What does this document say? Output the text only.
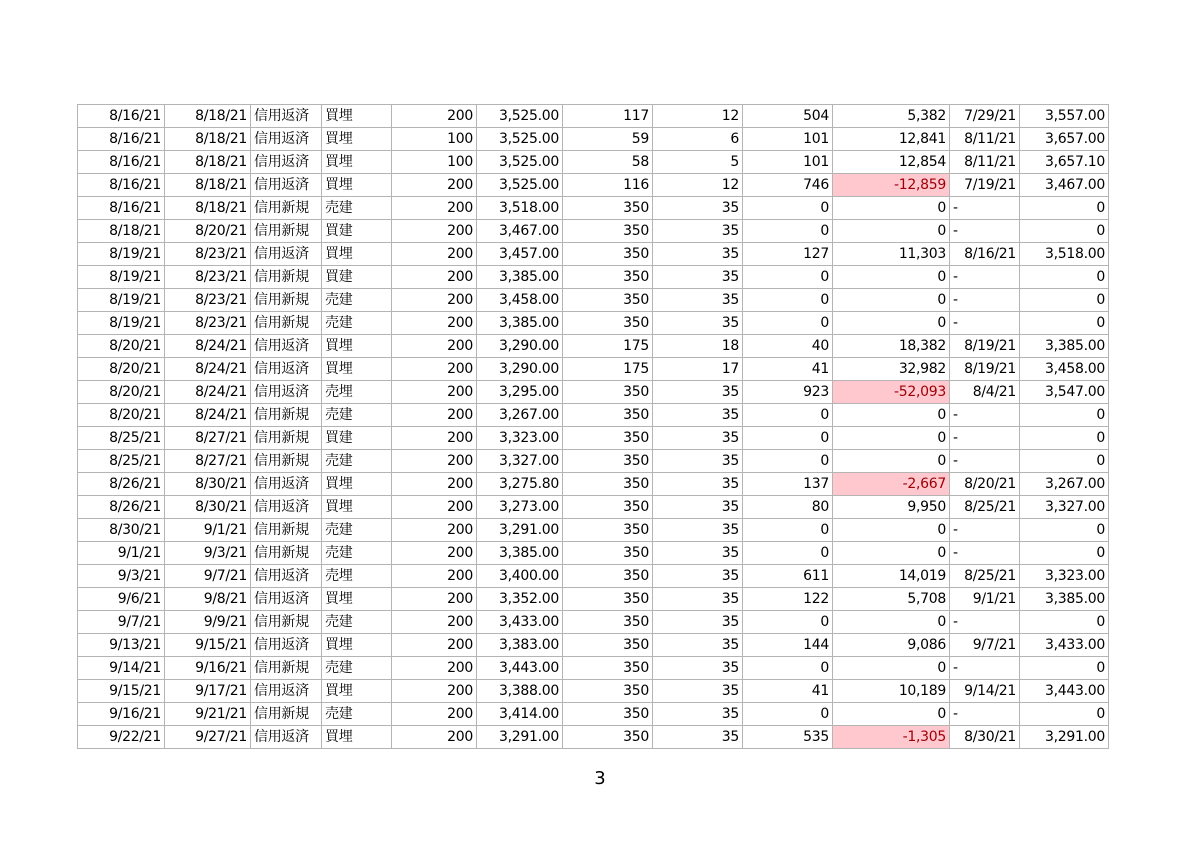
8/16/21	8/18/21	信用返済	買埋	200	3,525.00	117	12	504	5,382	7/29/21	3,557.00
8/16/21	8/18/21	信用返済	買埋	100	3,525.00	59	6	101	12,841	8/11/21	3,657.00
8/16/21	8/18/21	信用返済	買埋	100	3,525.00	58	5	101	12,854	8/11/21	3,657.10
8/16/21	8/18/21	信用返済	買埋	200	3,525.00	116	12	746	-12,859	7/19/21	3,467.00
8/16/21	8/18/21	信用新規	売建	200	3,518.00	350	35	0	0	-	0
8/18/21	8/20/21	信用新規	買建	200	3,467.00	350	35	0	0	-	0
8/19/21	8/23/21	信用返済	買埋	200	3,457.00	350	35	127	11,303	8/16/21	3,518.00
8/19/21	8/23/21	信用新規	買建	200	3,385.00	350	35	0	0	-	0
8/19/21	8/23/21	信用新規	売建	200	3,458.00	350	35	0	0	-	0
8/19/21	8/23/21	信用新規	売建	200	3,385.00	350	35	0	0	-	0
8/20/21	8/24/21	信用返済	買埋	200	3,290.00	175	18	40	18,382	8/19/21	3,385.00
8/20/21	8/24/21	信用返済	買埋	200	3,290.00	175	17	41	32,982	8/19/21	3,458.00
8/20/21	8/24/21	信用返済	売埋	200	3,295.00	350	35	923	-52,093	8/4/21	3,547.00
8/20/21	8/24/21	信用新規	売建	200	3,267.00	350	35	0	0	-	0
8/25/21	8/27/21	信用新規	買建	200	3,323.00	350	35	0	0	-	0
8/25/21	8/27/21	信用新規	売建	200	3,327.00	350	35	0	0	-	0
8/26/21	8/30/21	信用返済	買埋	200	3,275.80	350	35	137	-2,667	8/20/21	3,267.00
8/26/21	8/30/21	信用返済	買埋	200	3,273.00	350	35	80	9,950	8/25/21	3,327.00
8/30/21	9/1/21	信用新規	売建	200	3,291.00	350	35	0	0	-	0
9/1/21	9/3/21	信用新規	売建	200	3,385.00	350	35	0	0	-	0
9/3/21	9/7/21	信用返済	売埋	200	3,400.00	350	35	611	14,019	8/25/21	3,323.00
9/6/21	9/8/21	信用返済	買埋	200	3,352.00	350	35	122	5,708	9/1/21	3,385.00
9/7/21	9/9/21	信用新規	売建	200	3,433.00	350	35	0	0	-	0
9/13/21	9/15/21	信用返済	買埋	200	3,383.00	350	35	144	9,086	9/7/21	3,433.00
9/14/21	9/16/21	信用新規	売建	200	3,443.00	350	35	0	0	-	0
9/15/21	9/17/21	信用返済	買埋	200	3,388.00	350	35	41	10,189	9/14/21	3,443.00
9/16/21	9/21/21	信用新規	売建	200	3,414.00	350	35	0	0	-	0
9/22/21	9/27/21	信用返済	買埋	200	3,291.00	350	35	535	-1,305	8/30/21	3,291.00
3
